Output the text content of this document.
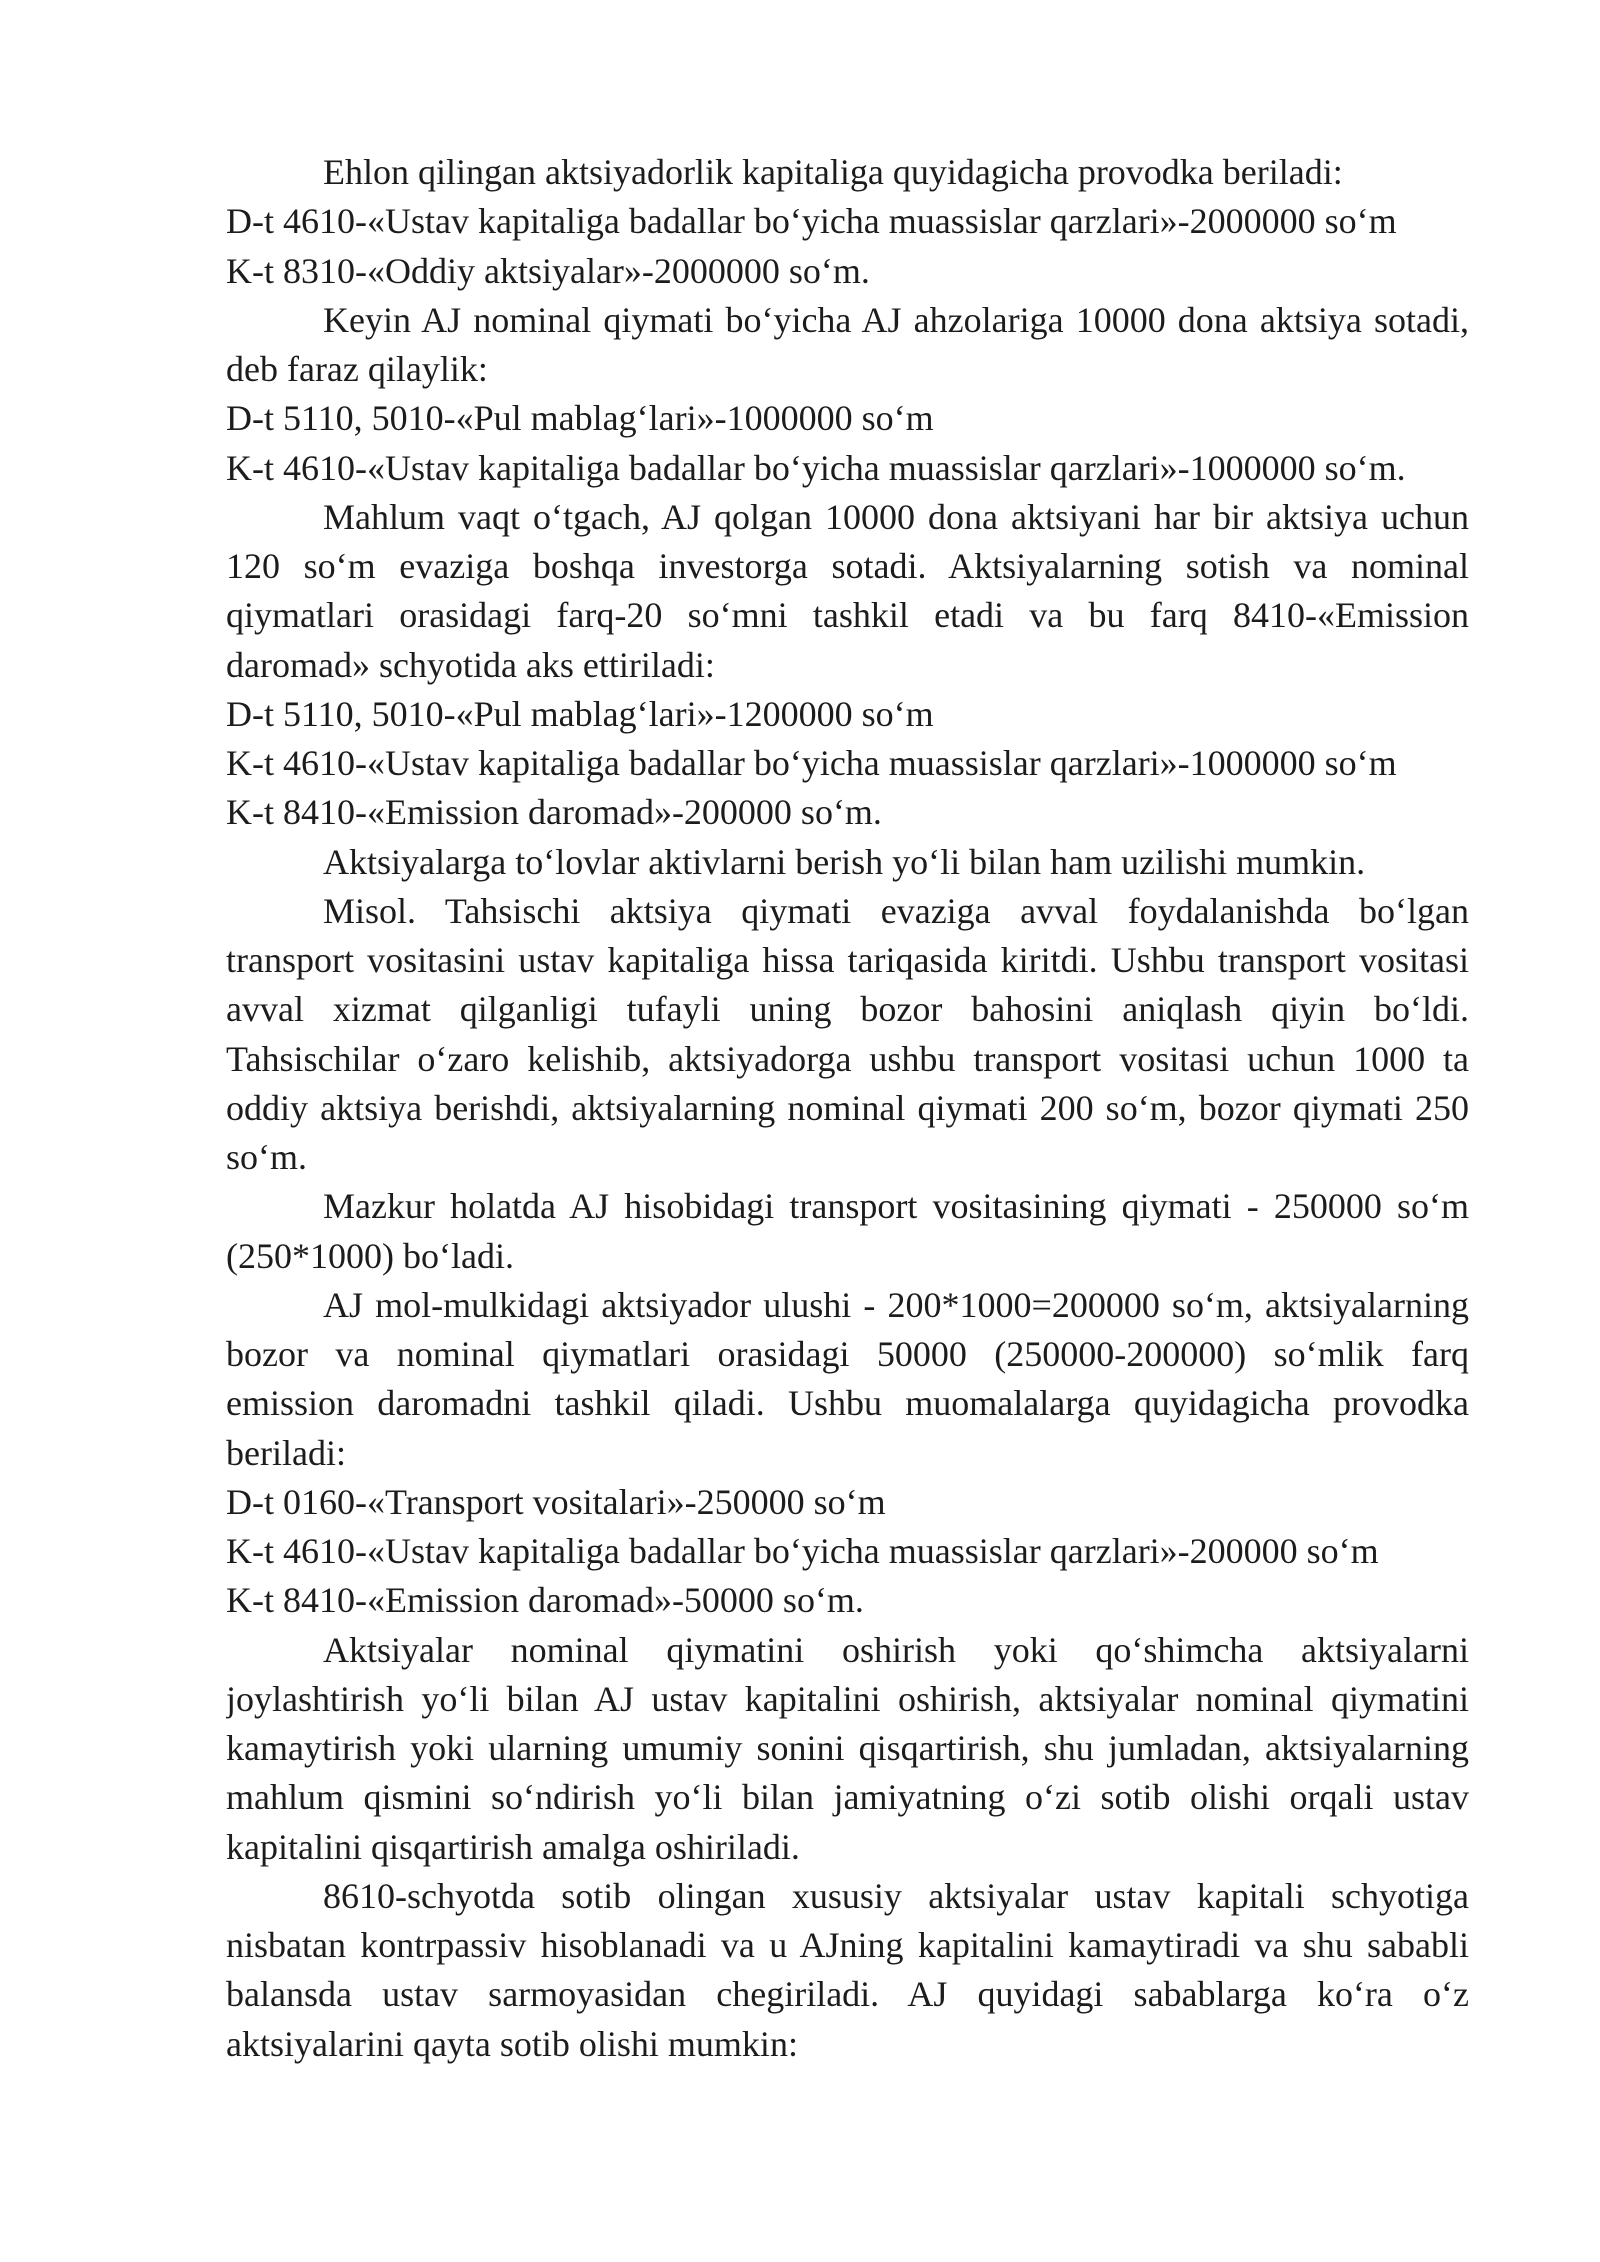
Ehlon qilingan aktsiyadorlik kapitaliga quyidagicha provodka beriladi:
D-t 4610-«Ustav kapitaliga badallar bo‘yicha muassislar qarzlari»-2000000 so‘m
K-t 8310-«Oddiy aktsiyalar»-2000000 so‘m.
Keyin AJ nominal qiymati bo‘yicha AJ ahzolariga 10000 dona aktsiya sotadi,
deb faraz qilaylik:
D-t 5110, 5010-«Pul mablag‘lari»-1000000 so‘m
K-t 4610-«Ustav kapitaliga badallar bo‘yicha muassislar qarzlari»-1000000 so‘m.
Mahlum vaqt o‘tgach, AJ qolgan 10000 dona aktsiyani har bir aktsiya uchun
120 so‘m evaziga boshqa investorga sotadi. Aktsiyalarning sotish va nominal
qiymatlari orasidagi farq-20 so‘mni tashkil etadi va bu farq 8410-«Emission
daromad» schyotida aks ettiriladi:
D-t 5110, 5010-«Pul mablag‘lari»-1200000 so‘m
K-t 4610-«Ustav kapitaliga badallar bo‘yicha muassislar qarzlari»-1000000 so‘m
K-t 8410-«Emission daromad»-200000 so‘m.
Aktsiyalarga to‘lovlar aktivlarni berish yo‘li bilan ham uzilishi mumkin.
Misol. Tahsischi aktsiya qiymati evaziga avval foydalanishda bo‘lgan
transport vositasini ustav kapitaliga hissa tariqasida kiritdi. Ushbu transport vositasi
avval xizmat qilganligi tufayli uning bozor bahosini aniqlash qiyin bo‘ldi.
Tahsischilar o‘zaro kelishib, aktsiyadorga ushbu transport vositasi uchun 1000 ta
oddiy aktsiya berishdi, aktsiyalarning nominal qiymati 200 so‘m, bozor qiymati 250
so‘m.
Mazkur holatda AJ hisobidagi transport vositasining qiymati - 250000 so‘m
(250*1000) bo‘ladi.
AJ mol-mulkidagi aktsiyador ulushi - 200*1000=200000 so‘m, aktsiyalarning
bozor va nominal qiymatlari orasidagi 50000 (250000-200000) so‘mlik farq
emission daromadni tashkil qiladi. Ushbu muomalalarga quyidagicha provodka
beriladi:
D-t 0160-«Transport vositalari»-250000 so‘m
K-t 4610-«Ustav kapitaliga badallar bo‘yicha muassislar qarzlari»-200000 so‘m
K-t 8410-«Emission daromad»-50000 so‘m.
Aktsiyalar nominal qiymatini oshirish yoki qo‘shimcha aktsiyalarni
joylashtirish yo‘li bilan AJ ustav kapitalini oshirish, aktsiyalar nominal qiymatini
kamaytirish yoki ularning umumiy sonini qisqartirish, shu jumladan, aktsiyalarning
mahlum qismini so‘ndirish yo‘li bilan jamiyatning o‘zi sotib olishi orqali ustav
kapitalini qisqartirish amalga oshiriladi.
8610-schyotda sotib olingan xususiy aktsiyalar ustav kapitali schyotiga
nisbatan kontrpassiv hisoblanadi va u AJning kapitalini kamaytiradi va shu sababli
balansda ustav sarmoyasidan chegiriladi. AJ quyidagi sabablarga ko‘ra o‘z
aktsiyalarini qayta sotib olishi mumkin:
